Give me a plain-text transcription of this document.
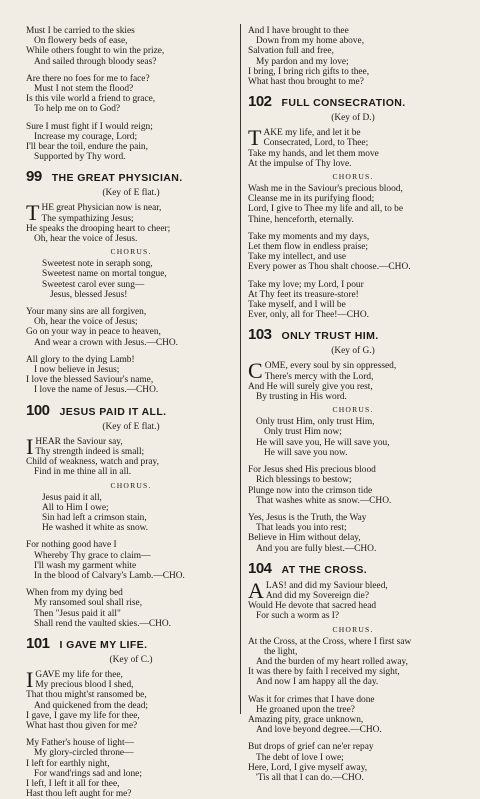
Must I be carried to the skies
On flowery beds of ease,
While others fought to win the prize,
And sailed through bloody seas?
Are there no foes for me to face?
Must I not stem the flood?
Is this vile world a friend to grace,
To help me on to God?
Sure I must fight if I would reign;
Increase my courage, Lord;
I'll bear the toil, endure the pain,
Supported by Thy word.
99 THE GREAT PHYSICIAN.
(Key of E flat.)
T HE great Physician now is near,
The sympathizing Jesus;
He speaks the drooping heart to cheer;
Oh, hear the voice of Jesus.
CHORUS.
Sweetest note in seraph song,
Sweetest name on mortal tongue,
Sweetest carol ever sung—
Jesus, blessed Jesus!
Your many sins are all forgiven,
Oh, hear the voice of Jesus;
Go on your way in peace to heaven,
And wear a crown with Jesus.—CHO.
All glory to the dying Lamb!
I now believe in Jesus;
I love the blessed Saviour's name,
I love the name of Jesus.—CHO.
100 JESUS PAID IT ALL.
(Key of E flat.)
I HEAR the Saviour say,
Thy strength indeed is small;
Child of weakness, watch and pray,
Find in me thine all in all.
CHORUS.
Jesus paid it all,
All to Him I owe;
Sin had left a crimson stain,
He washed it white as snow.
For nothing good have I
Whereby Thy grace to claim—
I'll wash my garment white
In the blood of Calvary's Lamb.—CHO.
When from my dying bed
My ransomed soul shall rise,
Then "Jesus paid it all"
Shall rend the vaulted skies.—CHO.
101 I GAVE MY LIFE.
(Key of C.)
I GAVE my life for thee,
My precious blood I shed,
That thou might'st ransomed be,
And quickened from the dead;
I gave, I gave my life for thee,
What hast thou given for me?
My Father's house of light—
My glory-circled throne—
I left for earthly night,
For wand'rings sad and lone;
I left, I left it all for thee,
Hast thou left aught for me?
And I have brought to thee
Down from my home above,
Salvation full and free,
My pardon and my love;
I bring, I bring rich gifts to thee,
What hast thou brought to me?
102 FULL CONSECRATION.
(Key of D.)
T AKE my life, and let it be
Consecrated, Lord, to Thee;
Take my hands, and let them move
At the impulse of Thy love.
CHORUS.
Wash me in the Saviour's precious blood,
Cleanse me in its purifying flood;
Lord, I give to Thee my life and all, to be
Thine, henceforth, eternally.
Take my moments and my days,
Let them flow in endless praise;
Take my intellect, and use
Every power as Thou shalt choose.—CHO.
Take my love; my Lord, I pour
At Thy feet its treasure-store!
Take myself, and I will be
Ever, only, all for Thee!—CHO.
103 ONLY TRUST HIM.
(Key of G.)
C OME, every soul by sin oppressed,
There's mercy with the Lord,
And He will surely give you rest,
By trusting in His word.
CHORUS.
Only trust Him, only trust Him,
Only trust Him now;
He will save you, He will save you,
He will save you now.
For Jesus shed His precious blood
Rich blessings to bestow;
Plunge now into the crimson tide
That washes white as snow.—CHO.
Yes, Jesus is the Truth, the Way
That leads you into rest;
Believe in Him without delay,
And you are fully blest.—CHO.
104 AT THE CROSS.
A LAS! and did my Saviour bleed,
And did my Sovereign die?
Would He devote that sacred head
For such a worm as I?
CHORUS.
At the Cross, at the Cross, where I first saw
the light,
And the burden of my heart rolled away,
It was there by faith I received my sight,
And now I am happy all the day.
Was it for crimes that I have done
He groaned upon the tree?
Amazing pity, grace unknown,
And love beyond degree.—CHO.
But drops of grief can ne'er repay
The debt of love I owe;
Here, Lord, I give myself away,
'Tis all that I can do.—CHO.
